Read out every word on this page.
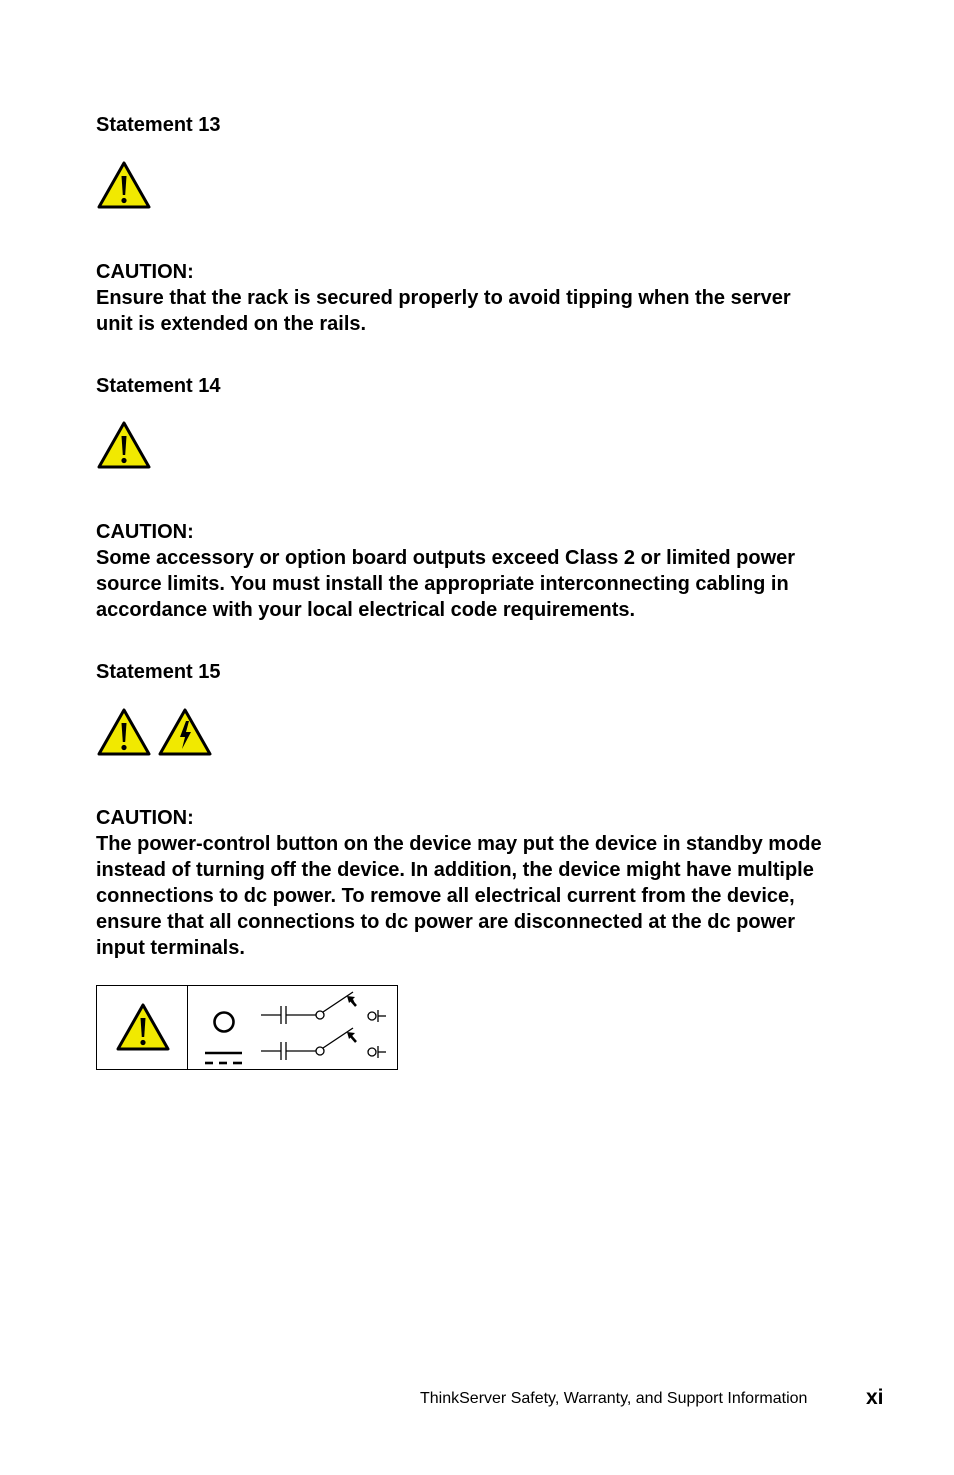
Statement 13

CAUTION:

Ensure that the rack is secured properly to avoid tipping when the server

unit is extended on the rails.

Statement 14

CAUTION:

Some accessory or option board outputs exceed Class 2 or limited power

source limits. You must install the appropriate interconnecting cabling in

accordance with your local electrical code requirements.

Statement 15

CAUTION:

The power-control button on the device may put the device in standby mode

instead of turning off the device. In addition, the device might have multiple

connections to dc power. To remove all electrical current from the device,

ensure that all connections to dc power are disconnected at the dc power

input terminals.

ThinkServer Safety, Warranty, and Support Information	xi
